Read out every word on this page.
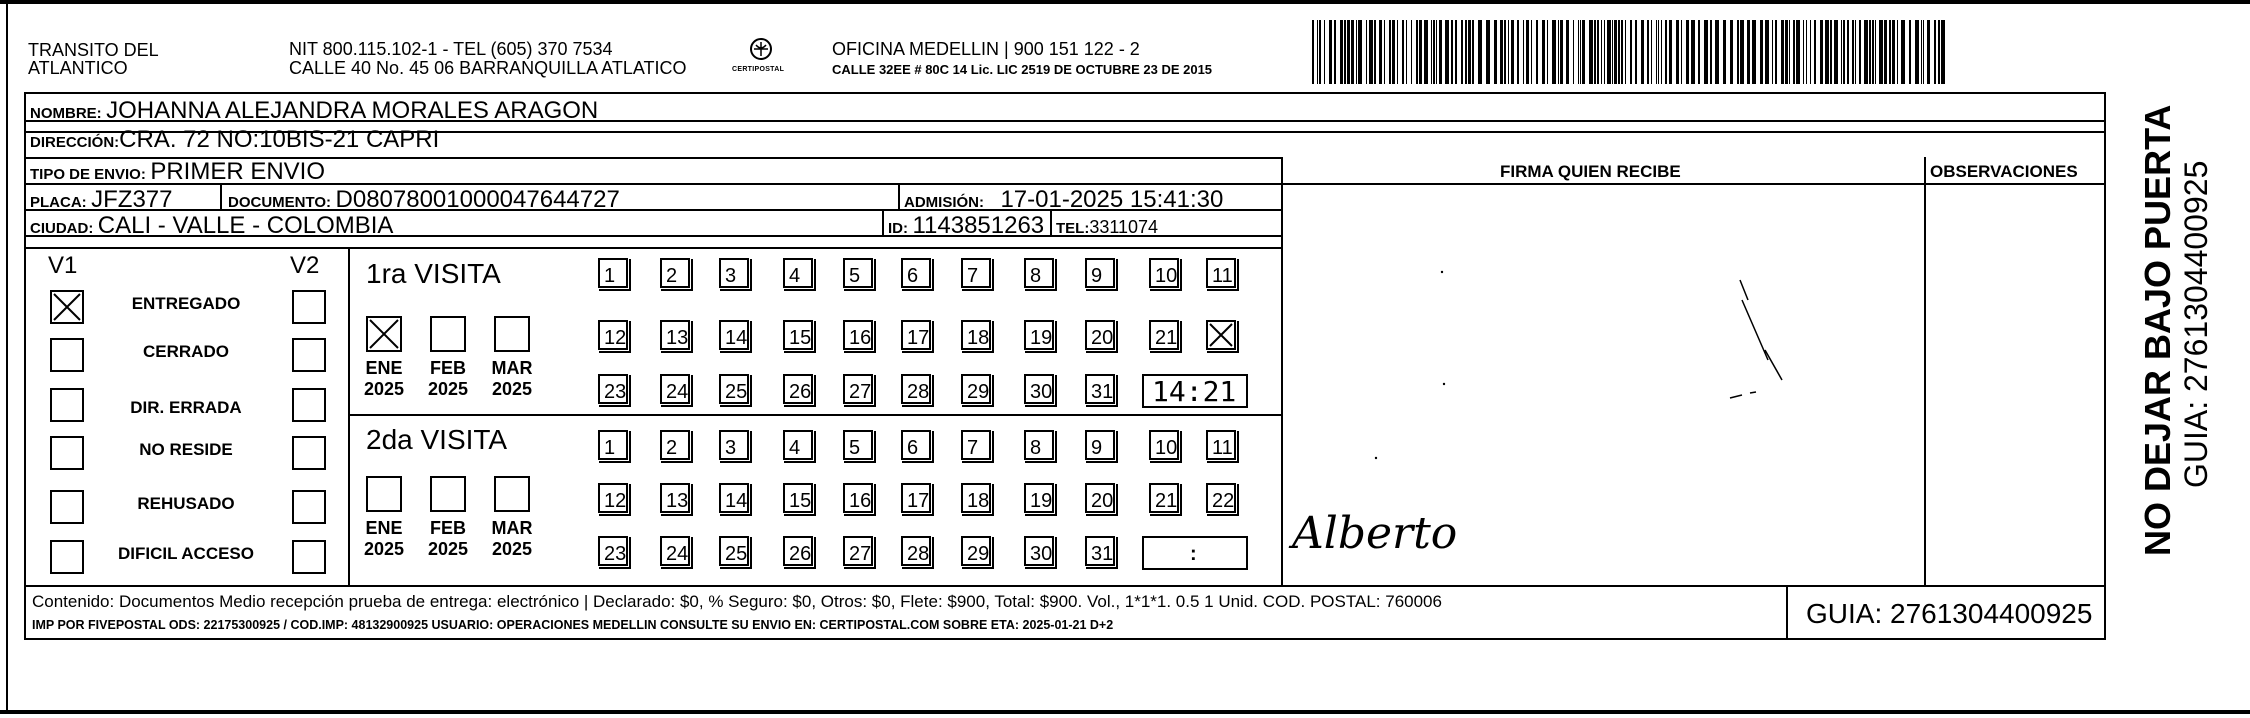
TRANSITO DEL
ATLANTICO
NIT 800.115.102-1 - TEL (605) 370 7534
CALLE 40 No. 45 06 BARRANQUILLA ATLATICO	CERTIPOSTAL
OFICINA MEDELLIN | 900 151 122 - 2
CALLE 32EE # 80C 14 Lic. LIC 2519 DE OCTUBRE 23 DE 2015
NOMBRE: JOHANNA ALEJANDRA MORALES ARAGON
DIRECCIÓN:CRA. 72 NO:10BIS-21 CAPRI
TIPO DE ENVIO: PRIMER ENVIO
PLACA: JFZ377	DOCUMENTO: D08078001000047644727	ADMISIÓN: 17-01-2025 15:41:30
CIUDAD: CALI - VALLE - COLOMBIA	ID: 1143851263 TEL:3311074
FIRMA QUIEN RECIBE	OBSERVACIONES
V1	V2 1ra VISITA
2da VISITA
Alberto
Contenido: Documentos Medio recepción prueba de entrega: electrónico | Declarado: $0, % Seguro: $0, Otros: $0, Flete: $900, Total: $900. Vol., 1*1*1. 0.5 1 Unid. COD. POSTAL: 760006
IMP POR FIVEPOSTAL ODS: 22175300925 / COD.IMP: 48132900925 USUARIO: OPERACIONES MEDELLIN CONSULTE SU ENVIO EN: CERTIPOSTAL.COM SOBRE ETA: 2025-01-21 D+2	GUIA: 2761304400925
NO DEJAR BAJO PUERTA GUIA: 2761304400925
ENTREGADO
CERRADO
DIR. ERRADA
NO RESIDE
REHUSADO
DIFICIL ACCESO
ENE
2025
FEB
2025
MAR
2025
ENE
2025
FEB
2025
MAR
2025
1	2 3	4 5 6 7	8 9	10 11
12 13 14 15 16 17 18 19 20 21
23 24 25 26 27 28 29 30 31 14:21
1	2 3	4 5 6 7	8 9	10 11
12 13 14 15 16 17 18 19 20 21 22
23 24 25 26 27 28 29 30 31	:
